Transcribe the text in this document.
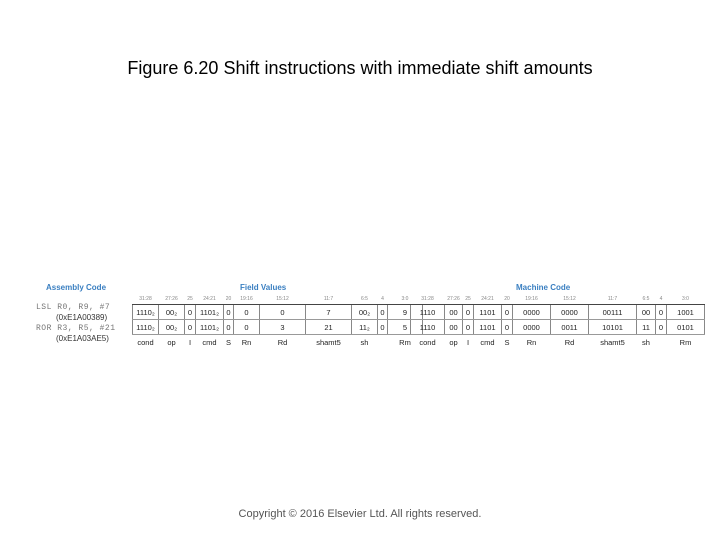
Figure 6.20 Shift instructions with immediate shift amounts
Assembly Code
LSL R0, R9, #7
(0xE1A00389)
ROR R3, R5, #21
(0xE1A03AE5)
Field Values
31:28	27:26	25	24:21	20	19:16	15:12	11:7	6:5	4	3:0
1110₂	00₂	0	1101₂	0	0	0	7	00₂	0	9
1110₂	00₂	0	1101₂	0	0	3	21	11₂	0	5
cond	op	I	cmd	S	Rn	Rd	shamt5	sh		Rm
Machine Code
31:28	27:26	25	24:21	20	19:16	15:12	11:7	6:5	4	3:0
1110	00	0	1101	0	0000	0000	00111	00	0	1001
1110	00	0	1101	0	0000	0011	10101	11	0	0101
cond	op	I	cmd	S	Rn	Rd	shamt5	sh		Rm
Copyright © 2016 Elsevier Ltd. All rights reserved.
